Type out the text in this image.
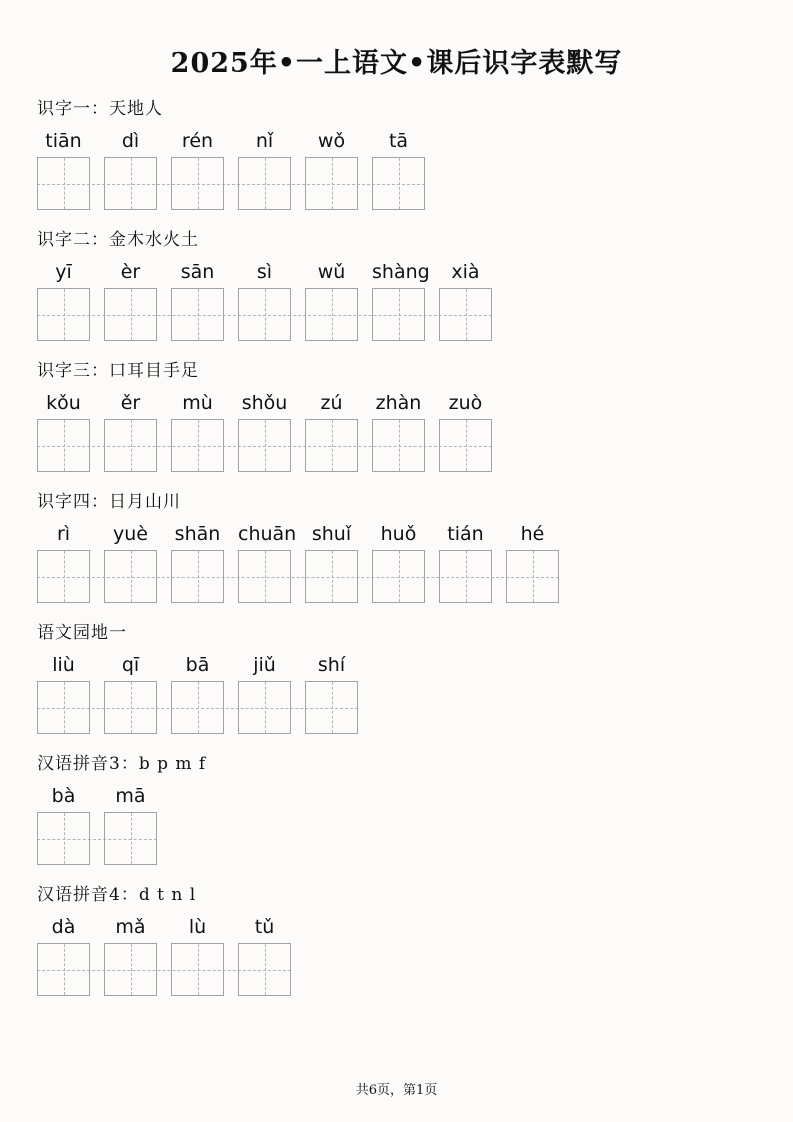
2025年•一上语文•课后识字表默写
识字一：天地人
tiān	dì	rén	nǐ	wǒ	tā
识字二：金木水火土
yī	èr	sān	sì	wǔ	shàng	xià
识字三：口耳目手足
kǒu	ěr	mù	shǒu	zú	zhàn	zuò
识字四：日月山川
rì	yuè	shān chuān shuǐ	huǒ	tián	hé
语文园地一
liù	qī	bā	jiǔ	shí
汉语拼音3：b p m f
bà	mā
汉语拼音4：d t n l
dà	mǎ	lù	tǔ
共6页，第1页
